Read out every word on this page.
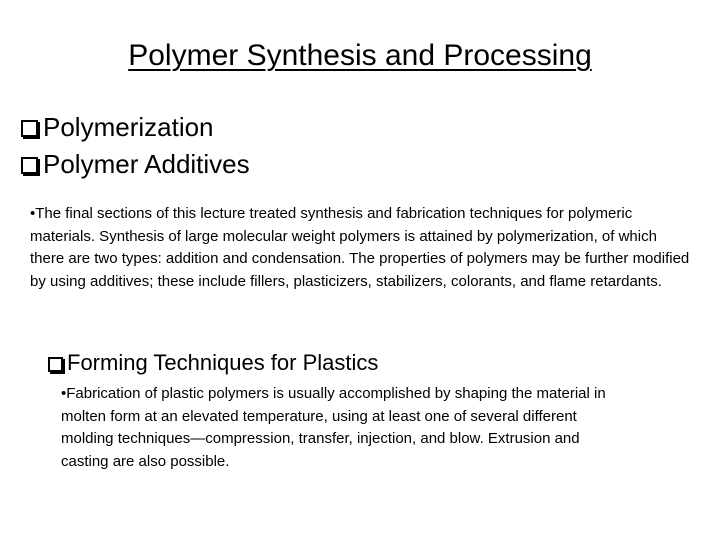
Polymer Synthesis and Processing
Polymerization
Polymer Additives

•The final sections of this lecture treated synthesis and fabrication techniques for polymeric materials. Synthesis of large molecular weight polymers is attained by polymerization, of which there are two types: addition and condensation. The properties of polymers may be further modified by using additives; these include fillers, plasticizers, stabilizers, colorants, and flame retardants.

Forming Techniques for Plastics

•Fabrication of plastic polymers is usually accomplished by shaping the material in molten form at an elevated temperature, using at least one of several different molding techniques—compression, transfer, injection, and blow. Extrusion and casting are also possible.
